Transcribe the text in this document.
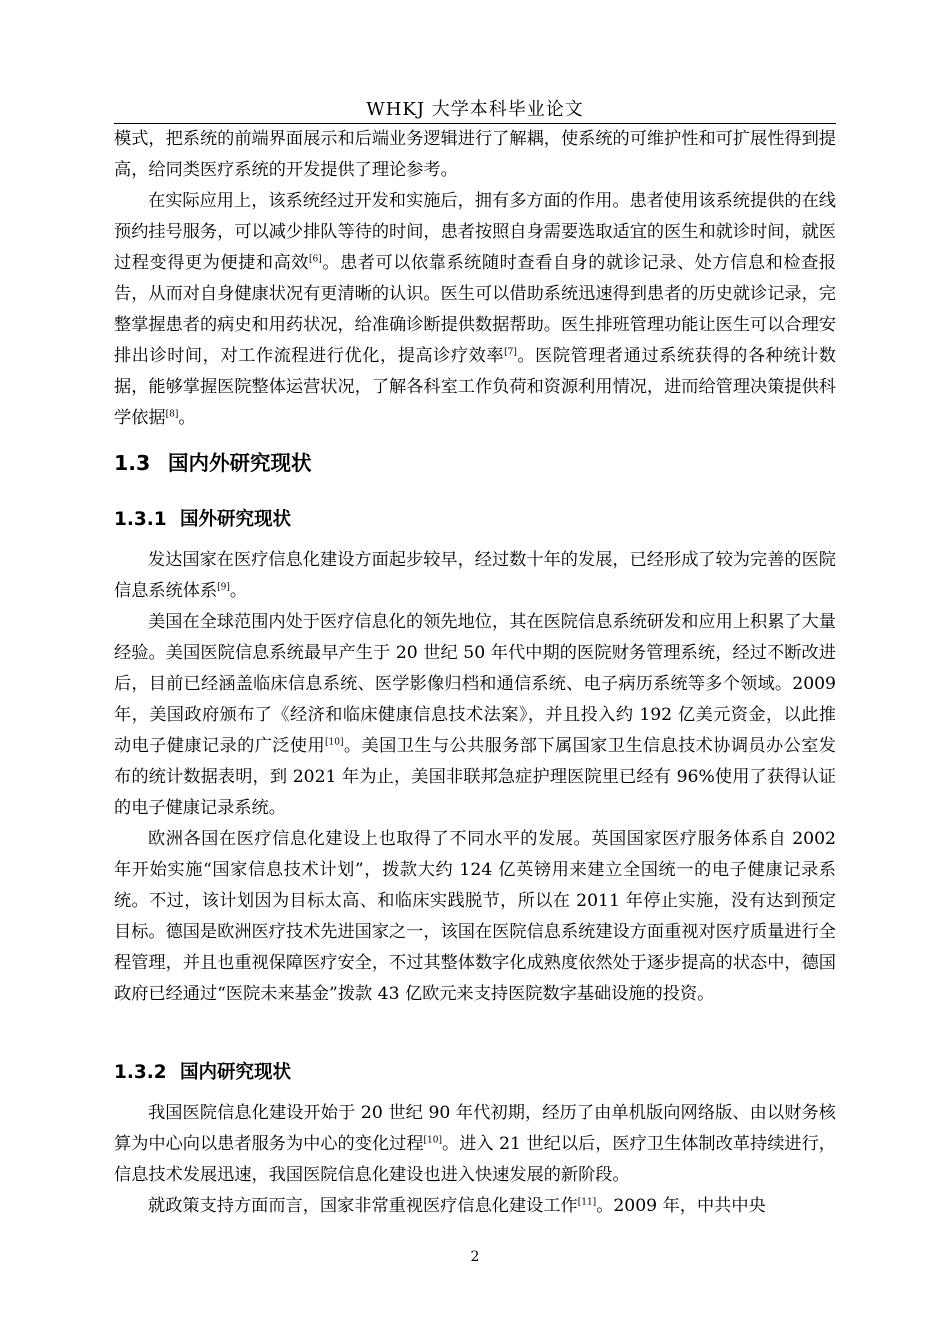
WHKJ 大学本科毕业论文

模式，把系统的前端界面展示和后端业务逻辑进行了解耦，使系统的可维护性和可扩展性得到提高，给同类医疗系统的开发提供了理论参考。

在实际应用上，该系统经过开发和实施后，拥有多方面的作用。患者使用该系统提供的在线预约挂号服务，可以减少排队等待的时间，患者按照自身需要选取适宜的医生和就诊时间，就医过程变得更为便捷和高效[6]。患者可以依靠系统随时查看自身的就诊记录、处方信息和检查报告，从而对自身健康状况有更清晰的认识。医生可以借助系统迅速得到患者的历史就诊记录，完整掌握患者的病史和用药状况，给准确诊断提供数据帮助。医生排班管理功能让医生可以合理安排出诊时间，对工作流程进行优化，提高诊疗效率[7]。医院管理者通过系统获得的各种统计数据，能够掌握医院整体运营状况，了解各科室工作负荷和资源利用情况，进而给管理决策提供科学依据[8]。

1.3 国内外研究现状
1.3.1 国外研究现状

发达国家在医疗信息化建设方面起步较早，经过数十年的发展，已经形成了较为完善的医院信息系统体系[9]。

美国在全球范围内处于医疗信息化的领先地位，其在医院信息系统研发和应用上积累了大量经验。美国医院信息系统最早产生于 20 世纪 50 年代中期的医院财务管理系统，经过不断改进后，目前已经涵盖临床信息系统、医学影像归档和通信系统、电子病历系统等多个领域。2009 年，美国政府颁布了《经济和临床健康信息技术法案》，并且投入约 192 亿美元资金，以此推动电子健康记录的广泛使用[10]。美国卫生与公共服务部下属国家卫生信息技术协调员办公室发布的统计数据表明，到 2021 年为止，美国非联邦急症护理医院里已经有 96%使用了获得认证的电子健康记录系统。

欧洲各国在医疗信息化建设上也取得了不同水平的发展。英国国家医疗服务体系自 2002 年开始实施“国家信息技术计划”，拨款大约 124 亿英镑用来建立全国统一的电子健康记录系统。不过，该计划因为目标太高、和临床实践脱节，所以在 2011 年停止实施，没有达到预定目标。德国是欧洲医疗技术先进国家之一，该国在医院信息系统建设方面重视对医疗质量进行全程管理，并且也重视保障医疗安全，不过其整体数字化成熟度依然处于逐步提高的状态中，德国政府已经通过“医院未来基金”拨款 43 亿欧元来支持医院数字基础设施的投资。

1.3.2 国内研究现状

我国医院信息化建设开始于 20 世纪 90 年代初期，经历了由单机版向网络版、由以财务核算为中心向以患者服务为中心的变化过程[10]。进入 21 世纪以后，医疗卫生体制改革持续进行，信息技术发展迅速，我国医院信息化建设也进入快速发展的新阶段。

就政策支持方面而言，国家非常重视医疗信息化建设工作[11]。2009 年，中共中央

2
